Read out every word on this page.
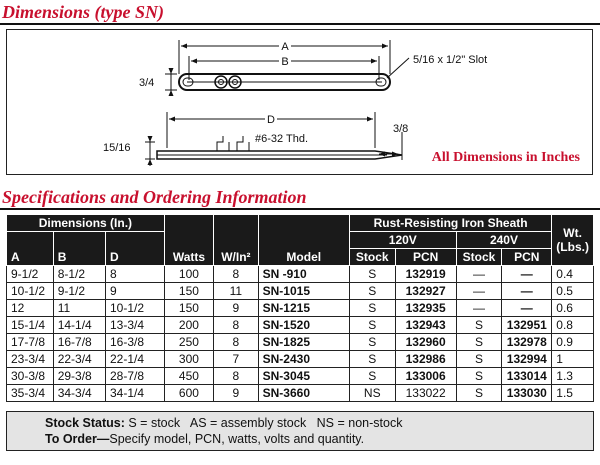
Dimensions (type SN)
A
B	5/16 x 1/2" Slot
3/4
D
#6-32 Thd.
15/16
3/8
All Dimensions in Inches
Specifications and Ordering Information
Dimensions (In.)			Watts	W/In²	Model	Rust-Resisting Iron Sheath				Wt. (Lbs.)
A	B	D				120V		240V		
						Stock	PCN	Stock	PCN	
9-1/2	8-1/2	8	100	8	SN -910	S	132919	—	—	0.4
10-1/2	9-1/2	9	150	11	SN-1015	S	132927	—	—	0.5
12	11	10-1/2	150	9	SN-1215	S	132935	—	—	0.6
15-1/4	14-1/4	13-3/4	200	8	SN-1520	S	132943	S	132951	0.8
17-7/8	16-7/8	16-3/8	250	8	SN-1825	S	132960	S	132978	0.9
23-3/4	22-3/4	22-1/4	300	7	SN-2430	S	132986	S	132994	1
30-3/8	29-3/8	28-7/8	450	8	SN-3045	S	133006	S	133014	1.3
35-3/4	34-3/4	34-1/4	600	9	SN-3660	NS	133022	S	133030	1.5
Stock Status: S = stock   AS = assembly stock   NS = non-stock
To Order—Specify model, PCN, watts, volts and quantity.
